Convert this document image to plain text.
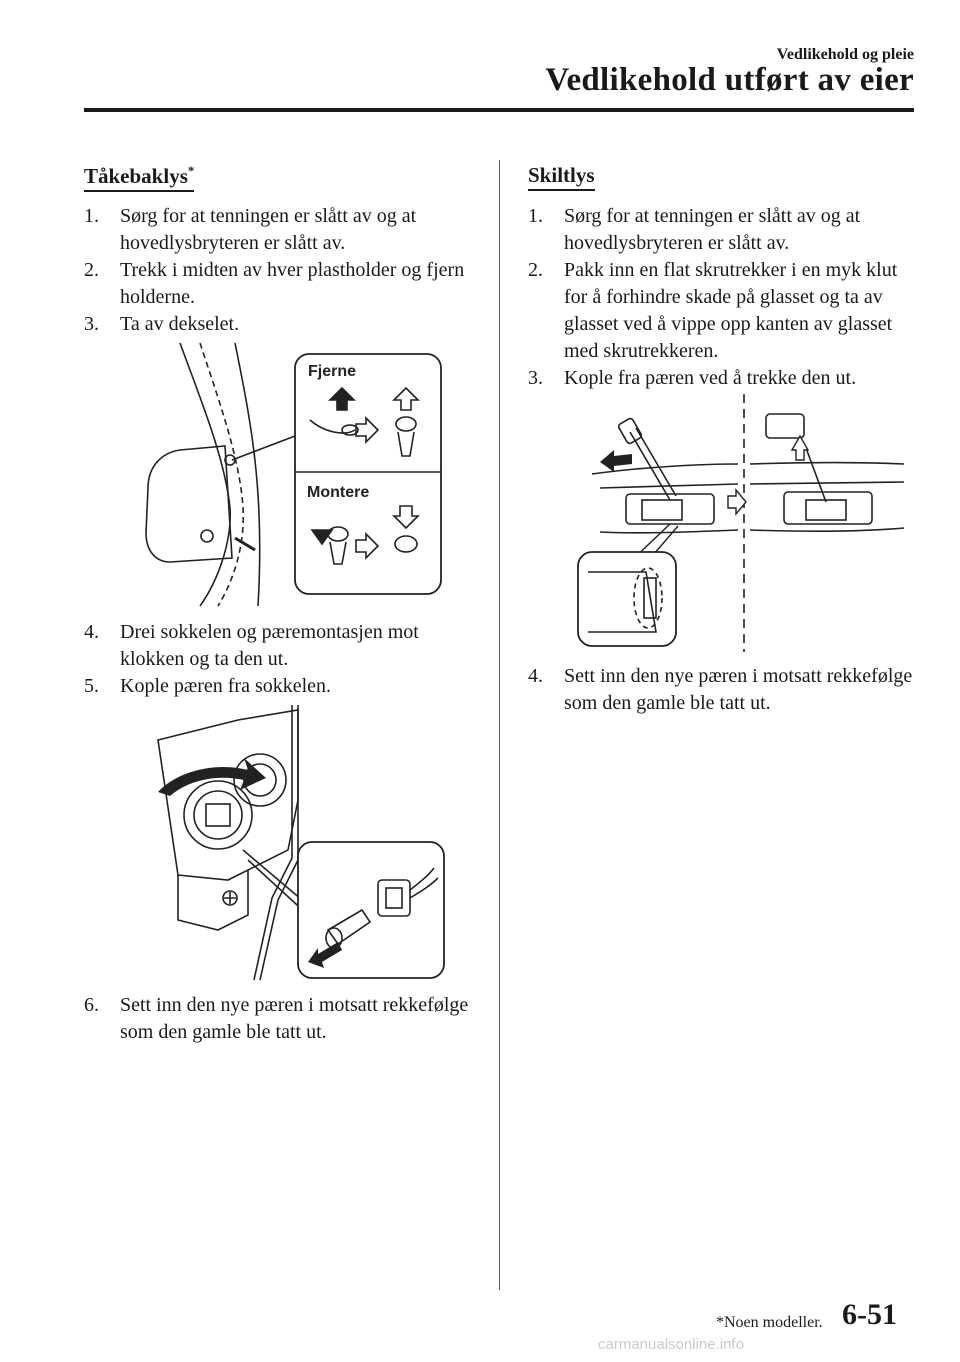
Vedlikehold og pleie
Vedlikehold utført av eier
Tåkebaklys*
1. Sørg for at tenningen er slått av og at hovedlysbryteren er slått av.
2. Trekk i midten av hver plastholder og fjern holderne.
3. Ta av dekselet.
Fjerne
Montere
4. Drei sokkelen og pæremontasjen mot klokken og ta den ut.
5. Kople pæren fra sokkelen.
6. Sett inn den nye pæren i motsatt rekkefølge som den gamle ble tatt ut.
Skiltlys
1. Sørg for at tenningen er slått av og at hovedlysbryteren er slått av.
2. Pakk inn en flat skrutrekker i en myk klut for å forhindre skade på glasset og ta av glasset ved å vippe opp kanten av glasset med skrutrekkeren.
3. Kople fra pæren ved å trekke den ut.
4. Sett inn den nye pæren i motsatt rekkefølge som den gamle ble tatt ut.
*Noen modeller. 6-51
carmanualsonline.info
